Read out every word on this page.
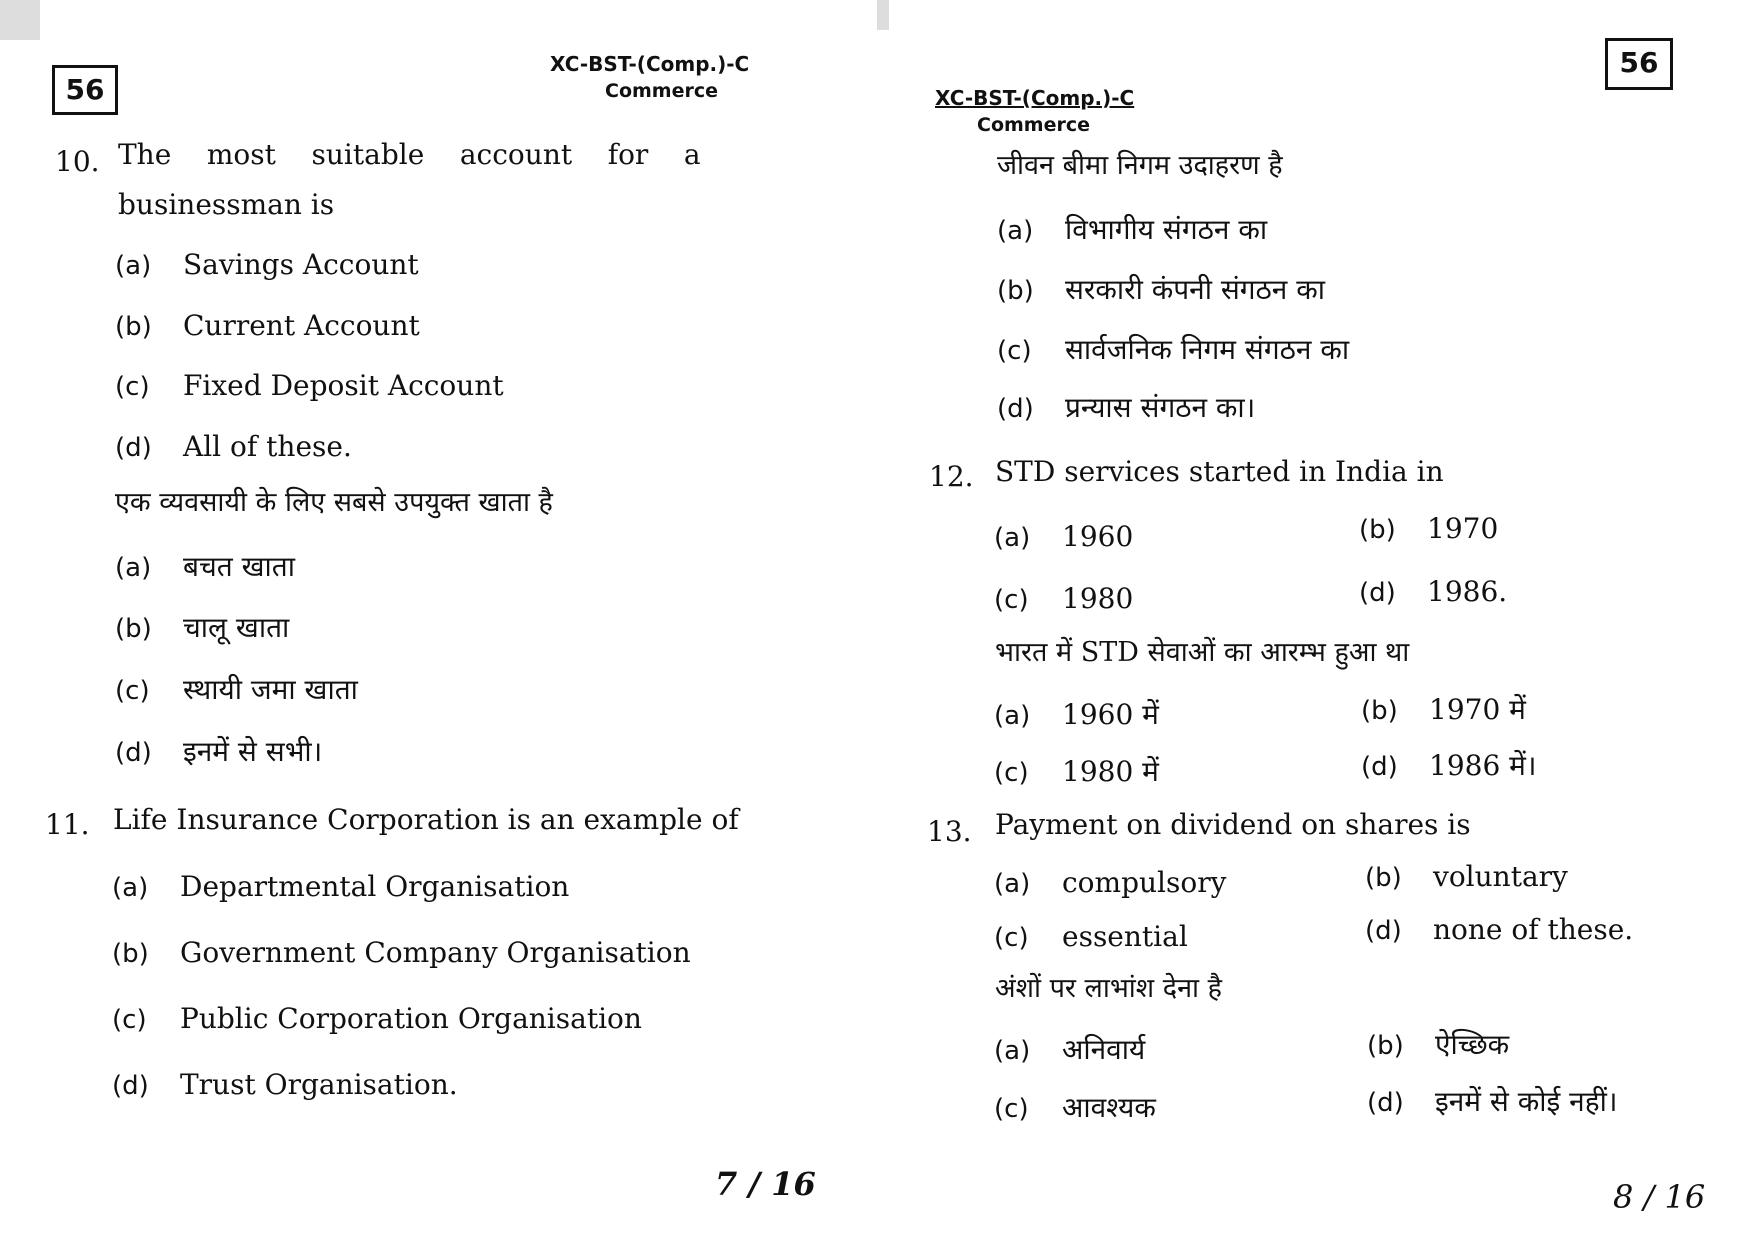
56
XC-BST-(Comp.)-C
Commerce
10. The    most    suitable    account    for    a
businessman is
(a) Savings Account
(b) Current Account
(c) Fixed Deposit Account
(d) All of these.
एक व्यवसायी के लिए सबसे उपयुक्त खाता है
(a) बचत खाता
(b) चालू खाता
(c) स्थायी जमा खाता
(d) इनमें से सभी।
11. Life Insurance Corporation is an example of
(a) Departmental Organisation
(b) Government Company Organisation
(c) Public Corporation Organisation
(d) Trust Organisation.
7 / 16
56
XC-BST-(Comp.)-C
Commerce
जीवन बीमा निगम उदाहरण है
(a) विभागीय संगठन का
(b) सरकारी कंपनी संगठन का
(c) सार्वजनिक निगम संगठन का
(d) प्रन्यास संगठन का।
12. STD services started in India in
(a) 1960	(b) 1970
(c) 1980	(d) 1986.
भारत में STD सेवाओं का आरम्भ हुआ था
(a) 1960 में	(b) 1970 में
(c) 1980 में	(d) 1986 में।
13. Payment on dividend on shares is
(a) compulsory	(b) voluntary
(c) essential	(d) none of these.
अंशों पर लाभांश देना है
(a) अनिवार्य	(b) ऐच्छिक
(c) आवश्यक	(d) इनमें से कोई नहीं।
8 / 16
